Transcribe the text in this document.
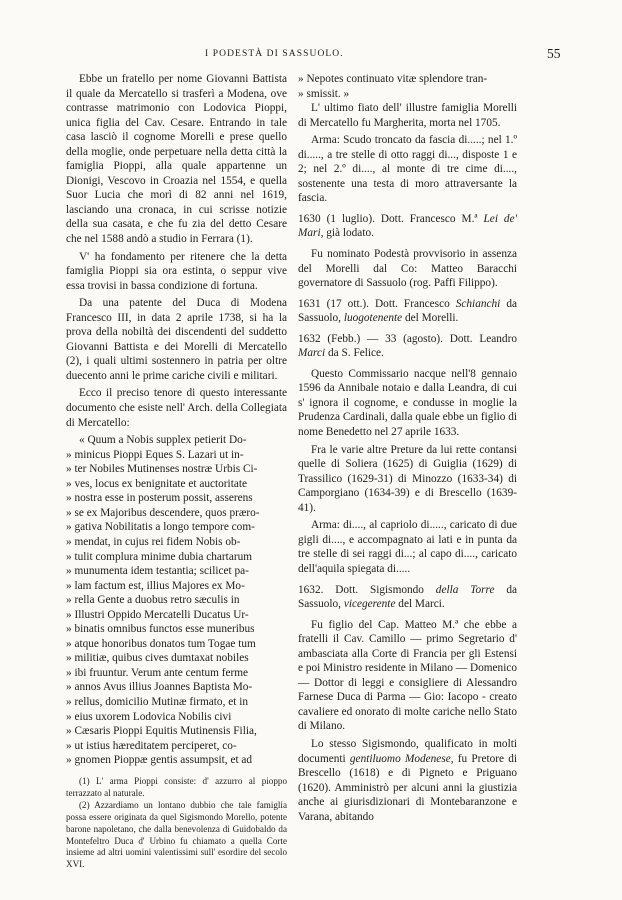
I PODESTÀ DI SASSUOLO.	55

Ebbe un fratello per nome Giovanni Battista il quale da Mercatello si trasferì a Modena, ove contrasse matrimonio con Lodovica Pioppi, unica figlia del Cav. Cesare. Entrando in tale casa lasciò il cognome Morelli e prese quello della moglie, onde perpetuare nella detta città la famiglia Pioppi, alla quale appartenne un Dionigi, Vescovo in Croazia nel 1554, e quella Suor Lucia che morì di 82 anni nel 1619, lasciando una cronaca, in cui scrisse notizie della sua casata, e che fu zia del detto Cesare che nel 1588 andò a studio in Ferrara (1).

V' ha fondamento per ritenere che la detta famiglia Pioppi sia ora estinta, o seppur vive essa trovisi in bassa condizione di fortuna.

Da una patente del Duca di Modena Francesco III, in data 2 aprile 1738, si ha la prova della nobiltà dei discendenti del suddetto Giovanni Battista e dei Morelli di Mercatello (2), i quali ultimi sostennero in patria per oltre duecento anni le prime cariche civili e militari.

Ecco il preciso tenore di questo interessante documento che esiste nell' Arch. della Collegiata di Mercatello:

« Quum a Nobis supplex petierit Do-

» minicus Pioppi Eques S. Lazari ut in-

» ter Nobiles Mutinenses nostræ Urbis Ci-

» ves, locus ex benignitate et auctoritate

» nostra esse in posterum possit, asserens

» se ex Majoribus descendere, quos præro-

» gativa Nobilitatis a longo tempore com-

» mendat, in cujus rei fidem Nobis ob-

» tulit complura minime dubia chartarum

» munumenta idem testantia; scilicet pa-

» lam factum est, illius Majores ex Mo-

» rella Gente a duobus retro sæculis in

» Illustri Oppido Mercatelli Ducatus Ur-

» binatis omnibus functos esse muneribus

» atque honoribus donatos tum Togae tum

» militiæ, quibus cives dumtaxat nobiles

» ibi fruuntur. Verum ante centum ferme

» annos Avus illius Joannes Baptista Mo-

» rellus, domicilio Mutinæ firmato, et in

» eius uxorem Lodovica Nobilis civi

» Cæsaris Pioppi Equitis Mutinensis Filia,

» ut istius hæreditatem perciperet, co-

» gnomen Pioppæ gentis assumpsit, et ad

(1) L' arma Pioppi consiste: d' azzurro al pioppo terrazzato al naturale.

(2) Azzardiamo un lontano dubbio che tale famiglia possa essere originata da quel Sigismondo Morello, potente barone napoletano, che dalla benevolenza di Guidobaldo da Montefeltro Duca d' Urbino fu chiamato a quella Corte insieme ad altri uomini valentissimi sull' esordire del secolo XVI.

» Nepotes continuato vitæ splendore tran-

» smissit. »

L' ultimo fiato dell' illustre famiglia Morelli di Mercatello fu Margherita, morta nel 1705.

Arma: Scudo troncato da fascia di.....; nel 1.º di....., a tre stelle di otto raggi di..., disposte 1 e 2; nel 2.º di...., al monte di tre cime di...., sostenente una testa di moro attraversante la fascia.

1630 (1 luglio). Dott. Francesco M.ª Lei de' Mari, già lodato.

Fu nominato Podestà provvisorio in assenza del Morelli dal Co: Matteo Baracchi governatore di Sassuolo (rog. Paffi Filippo).

1631 (17 ott.). Dott. Francesco Schianchi da Sassuolo, luogotenente del Morelli.

1632 (Febb.) — 33 (agosto). Dott. Leandro Marci da S. Felice.

Questo Commissario nacque nell'8 gennaio 1596 da Annibale notaio e dalla Leandra, di cui s' ignora il cognome, e condusse in moglie la Prudenza Cardinali, dalla quale ebbe un figlio di nome Benedetto nel 27 aprile 1633.

Fra le varie altre Preture da lui rette contansi quelle di Soliera (1625) di Guiglia (1629) di Trassilico (1629-31) di Minozzo (1633-34) di Camporgiano (1634-39) e di Brescello (1639-41).

Arma: di...., al capriolo di....., caricato di due gigli di...., e accompagnato ai lati e in punta da tre stelle di sei raggi di...; al capo di...., caricato dell'aquila spiegata di.....

1632. Dott. Sigismondo della Torre da Sassuolo, vicegerente del Marci.

Fu figlio del Cap. Matteo M.ª che ebbe a fratelli il Cav. Camillo — primo Segretario d' ambasciata alla Corte di Francia per gli Estensi e poi Ministro residente in Milano — Domenico — Dottor di leggi e consigliere di Alessandro Farnese Duca di Parma — Gio: Iacopo - creato cavaliere ed onorato di molte cariche nello Stato di Milano.

Lo stesso Sigismondo, qualificato in molti documenti gentiluomo Modenese, fu Pretore di Brescello (1618) e di Pigneto e Priguano (1620). Amministrò per alcuni anni la giustizia anche ai giurisdizionari di Montebaranzone e Varana, abitando
